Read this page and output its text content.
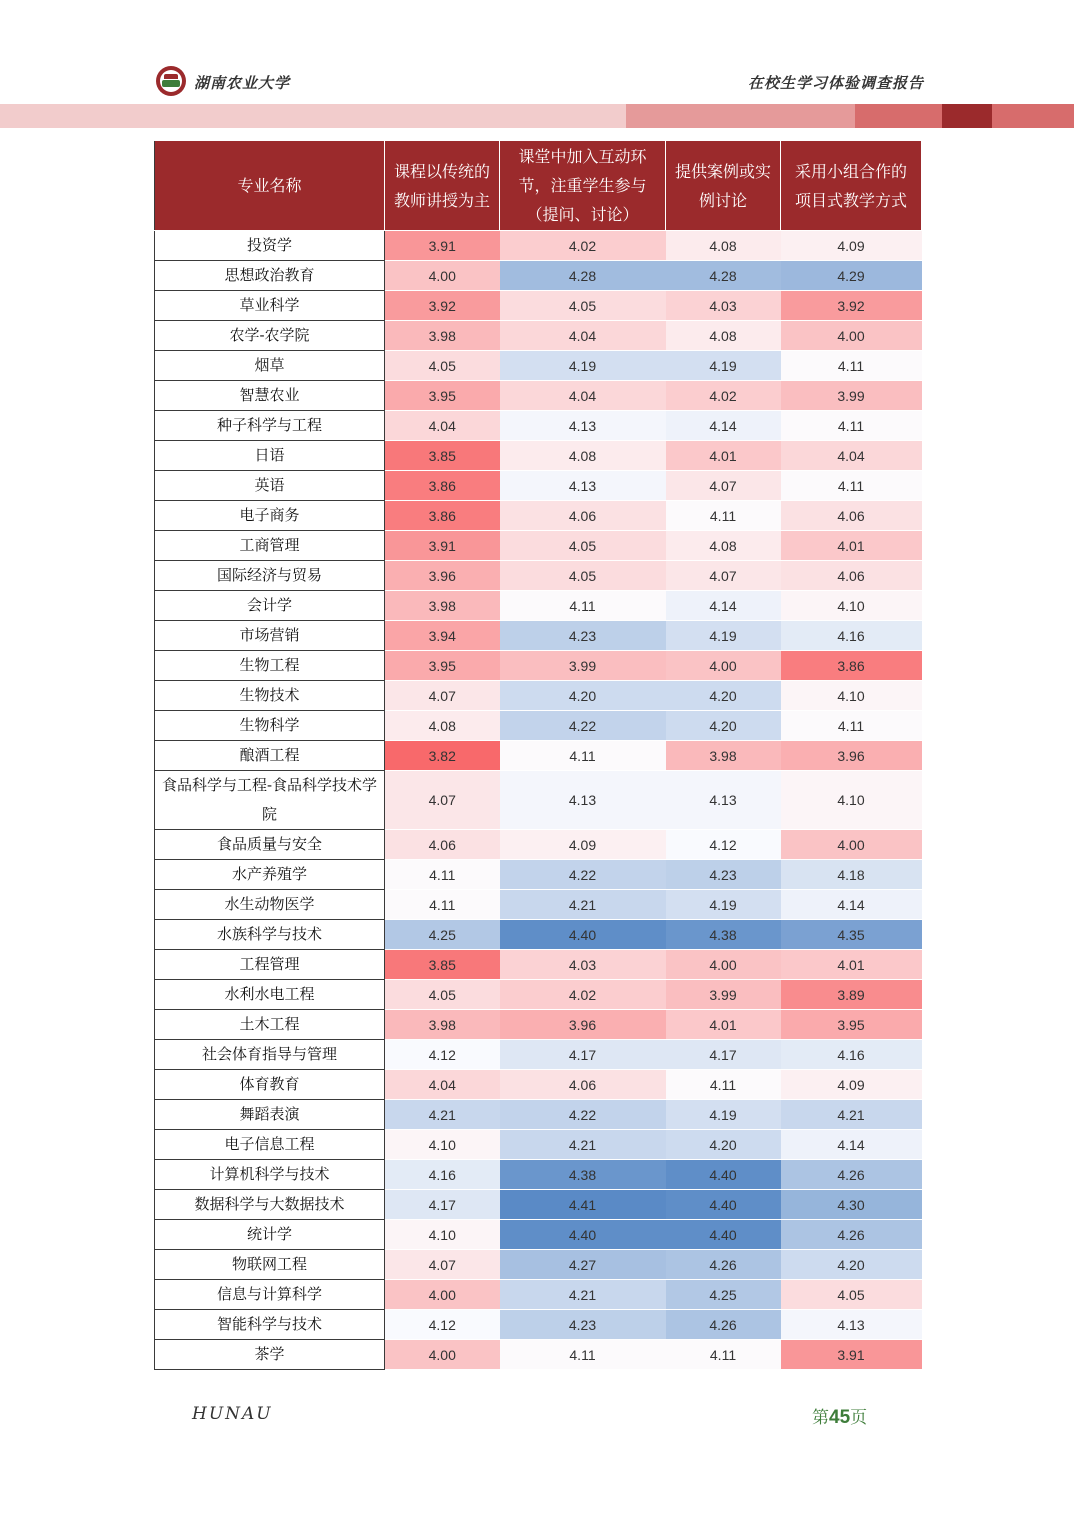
湖南农业大学	在校生学习体验调查报告
专业名称	课程以传统的教师讲授为主	课堂中加入互动环节，注重学生参与（提问、讨论）	提供案例或实例讨论	采用小组合作的项目式教学方式
投资学	3.91	4.02	4.08	4.09
思想政治教育	4.00	4.28	4.28	4.29
草业科学	3.92	4.05	4.03	3.92
农学-农学院	3.98	4.04	4.08	4.00
烟草	4.05	4.19	4.19	4.11
智慧农业	3.95	4.04	4.02	3.99
种子科学与工程	4.04	4.13	4.14	4.11
日语	3.85	4.08	4.01	4.04
英语	3.86	4.13	4.07	4.11
电子商务	3.86	4.06	4.11	4.06
工商管理	3.91	4.05	4.08	4.01
国际经济与贸易	3.96	4.05	4.07	4.06
会计学	3.98	4.11	4.14	4.10
市场营销	3.94	4.23	4.19	4.16
生物工程	3.95	3.99	4.00	3.86
生物技术	4.07	4.20	4.20	4.10
生物科学	4.08	4.22	4.20	4.11
酿酒工程	3.82	4.11	3.98	3.96
食品科学与工程-食品科学技术学院	4.07	4.13	4.13	4.10
食品质量与安全	4.06	4.09	4.12	4.00
水产养殖学	4.11	4.22	4.23	4.18
水生动物医学	4.11	4.21	4.19	4.14
水族科学与技术	4.25	4.40	4.38	4.35
工程管理	3.85	4.03	4.00	4.01
水利水电工程	4.05	4.02	3.99	3.89
土木工程	3.98	3.96	4.01	3.95
社会体育指导与管理	4.12	4.17	4.17	4.16
体育教育	4.04	4.06	4.11	4.09
舞蹈表演	4.21	4.22	4.19	4.21
电子信息工程	4.10	4.21	4.20	4.14
计算机科学与技术	4.16	4.38	4.40	4.26
数据科学与大数据技术	4.17	4.41	4.40	4.30
统计学	4.10	4.40	4.40	4.26
物联网工程	4.07	4.27	4.26	4.20
信息与计算科学	4.00	4.21	4.25	4.05
智能科学与技术	4.12	4.23	4.26	4.13
茶学	4.00	4.11	4.11	3.91
HUNAU	第45页
